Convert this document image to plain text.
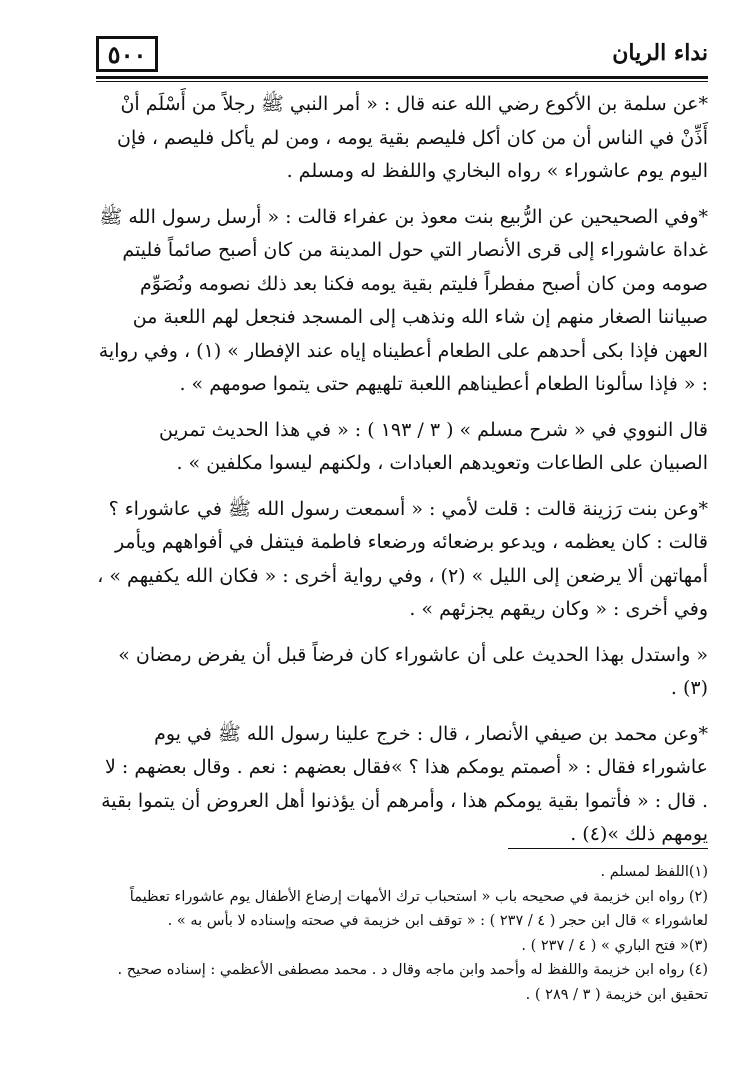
٥٠٠	نداء الريان

*عن سلمة بن الأكوع رضي الله عنه قال : « أمر النبي ﷺ رجلاً من أَسْلَم أنْ أَذِّنْ في الناس أن من كان أكل فليصم بقية يومه ، ومن لم يأكل فليصم ، فإن اليوم يوم عاشوراء » رواه البخاري واللفظ له ومسلم .

*وفي الصحيحين عن الرُّبيع بنت معوذ بن عفراء قالت : « أرسل رسول الله ﷺ غداة عاشوراء إلى قرى الأنصار التي حول المدينة من كان أصبح صائماً فليتم صومه ومن كان أصبح مفطراً فليتم بقية يومه فكنا بعد ذلك نصومه ونُصَوِّم صبياننا الصغار منهم إن شاء الله ونذهب إلى المسجد فنجعل لهم اللعبة من العهن فإذا بكى أحدهم على الطعام أعطيناه إياه عند الإفطار » (١) ، وفي رواية : « فإذا سألونا الطعام أعطيناهم اللعبة تلهيهم حتى يتموا صومهم » .

قال النووي في « شرح مسلم » ( ٣ / ١٩٣ ) : « في هذا الحديث تمرين الصبيان على الطاعات وتعويدهم العبادات ، ولكنهم ليسوا مكلفين » .

*وعن بنت رَزينة قالت : قلت لأمي : « أسمعت رسول الله ﷺ في عاشوراء ؟ قالت : كان يعظمه ، ويدعو برضعائه ورضعاء فاطمة فيتفل في أفواههم ويأمر أمهاتهن ألا يرضعن إلى الليل » (٢) ، وفي رواية أخرى : « فكان الله يكفيهم » ، وفي أخرى : « وكان ريقهم يجزئهم » .

« واستدل بهذا الحديث على أن عاشوراء كان فرضاً قبل أن يفرض رمضان » (٣) .

*وعن محمد بن صيفي الأنصار ، قال : خرج علينا رسول الله ﷺ في يوم عاشوراء فقال : « أصمتم يومكم هذا ؟ »فقال بعضهم : نعم . وقال بعضهم : لا . قال : « فأتموا بقية يومكم هذا ، وأمرهم أن يؤذنوا أهل العروض أن يتموا بقية يومهم ذلك »(٤) .

(١)اللفظ لمسلم .

(٢) رواه ابن خزيمة في صحيحه باب « استحباب ترك الأمهات إرضاع الأطفال يوم عاشوراء تعظيماً لعاشوراء » قال ابن حجر ( ٤ / ٢٣٧ ) : « توقف ابن خزيمة في صحته وإسناده لا بأس به » .

(٣)« فتح الباري » ( ٤ / ٢٣٧ ) .

(٤) رواه ابن خزيمة واللفظ له وأحمد وابن ماجه وقال د . محمد مصطفى الأعظمي : إسناده صحيح . تحقيق ابن خزيمة ( ٣ / ٢٨٩ ) .
